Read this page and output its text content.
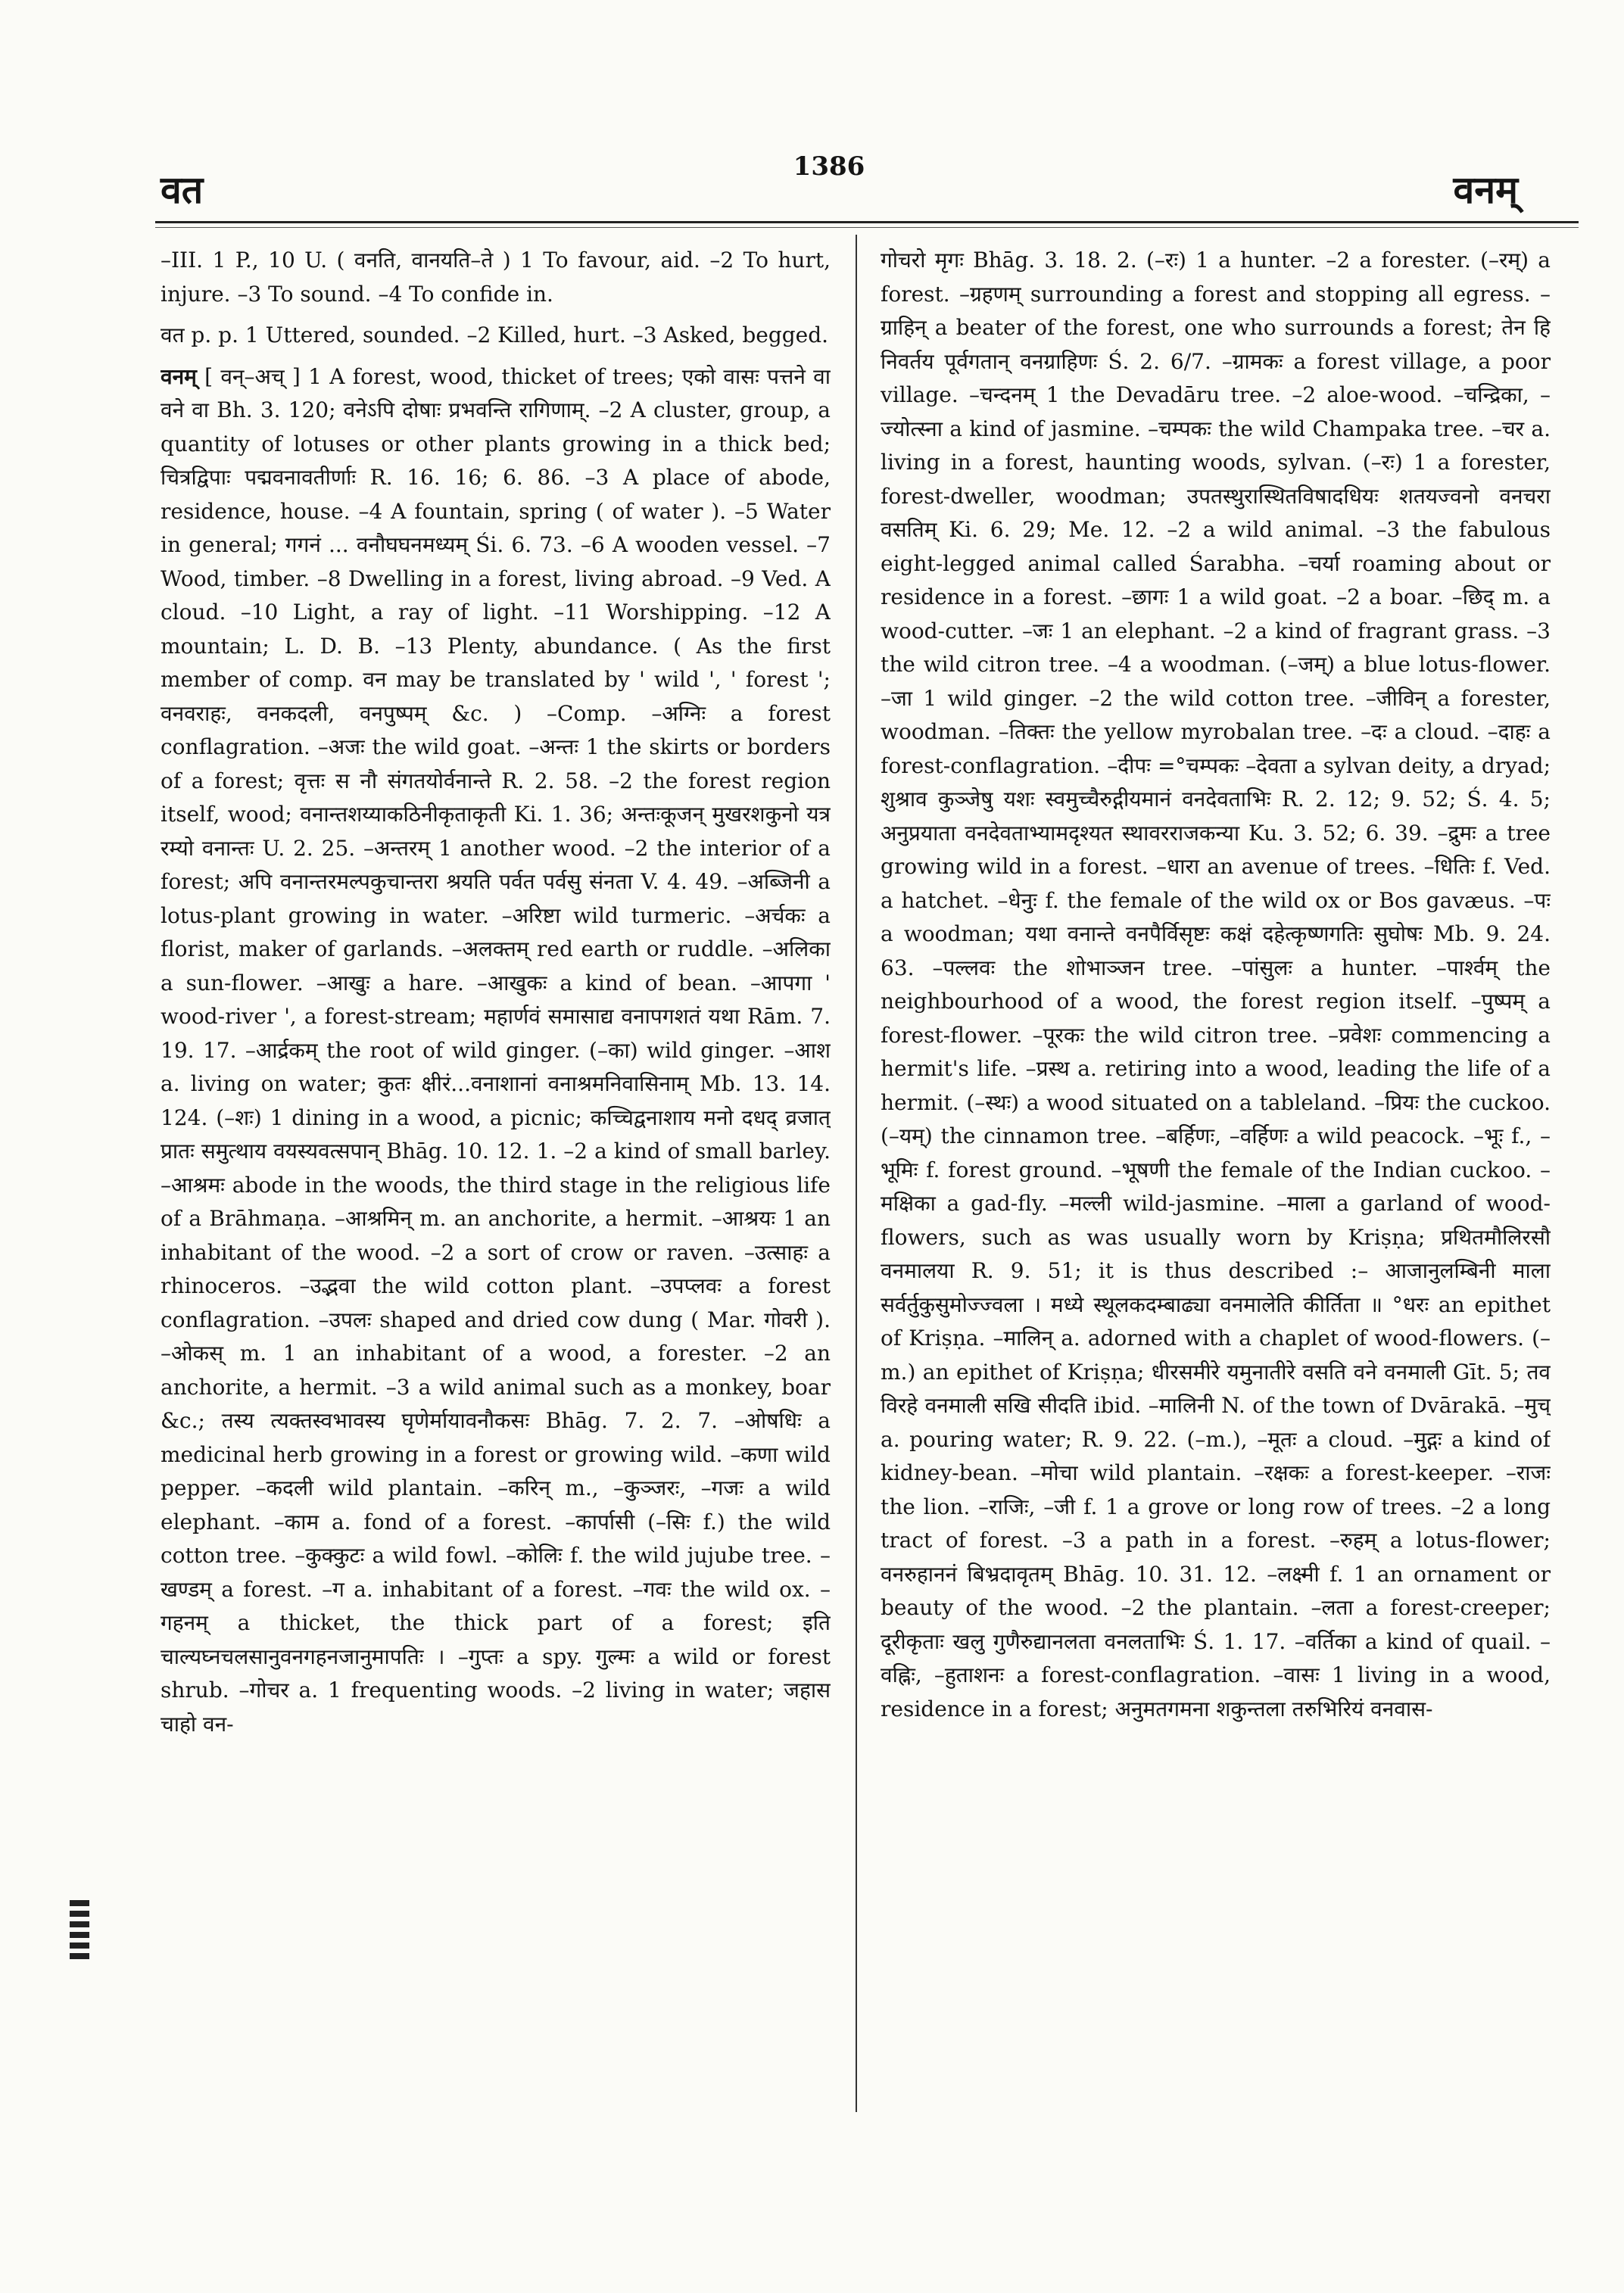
वत
1386
वनम्

–III. 1 P., 10 U. ( वनति, वानयति–ते ) 1 To favour, aid. –2 To hurt, injure. –3 To sound. –4 To confide in.

वत p. p. 1 Uttered, sounded. –2 Killed, hurt. –3 Asked, begged.

वनम् [ वन्–अच् ] 1 A forest, wood, thicket of trees; एको वासः पत्तने वा वने वा Bh. 3. 120; वनेऽपि दोषाः प्रभवन्ति रागिणाम्. –2 A cluster, group, a quantity of lotuses or other plants growing in a thick bed; चित्रद्विपाः पद्मवनावतीर्णाः R. 16. 16; 6. 86. –3 A place of abode, residence, house. –4 A fountain, spring ( of water ). –5 Water in general; गगनं ... वनौघघनमध्यम् Śi. 6. 73. –6 A wooden vessel. –7 Wood, timber. –8 Dwelling in a forest, living abroad. –9 Ved. A cloud. –10 Light, a ray of light. –11 Worshipping. –12 A mountain; L. D. B. –13 Plenty, abundance. ( As the first member of comp. वन may be translated by ' wild ', ' forest '; वनवराहः, वनकदली, वनपुष्पम् &c. ) –Comp. –अग्निः a forest conflagration. –अजः the wild goat. –अन्तः 1 the skirts or borders of a forest; वृत्तः स नौ संगतयोर्वनान्ते R. 2. 58. –2 the forest region itself, wood; वनान्तशय्याकठिनीकृताकृती Ki. 1. 36; अन्तःकूजन् मुखरशकुनो यत्र रम्यो वनान्तः U. 2. 25. –अन्तरम् 1 another wood. –2 the interior of a forest; अपि वनान्तरमल्पकुचान्तरा श्रयति पर्वत पर्वसु संनता V. 4. 49. –अब्जिनी a lotus-plant growing in water. –अरिष्टा wild turmeric. –अर्चकः a florist, maker of garlands. –अलक्तम् red earth or ruddle. –अलिका a sun-flower. –आखुः a hare. –आखुकः a kind of bean. –आपगा ' wood-river ', a forest-stream; महार्णवं समासाद्य वनापगशतं यथा Rām. 7. 19. 17. –आर्द्रकम् the root of wild ginger. (–का) wild ginger. –आश a. living on water; कुतः क्षीरं...वनाशानां वनाश्रमनिवासिनाम् Mb. 13. 14. 124. (–शः) 1 dining in a wood, a picnic; कच्चिद्वनाशाय मनो दधद् व्रजात् प्रातः समुत्थाय वयस्यवत्सपान् Bhāg. 10. 12. 1. –2 a kind of small barley. –आश्रमः abode in the woods, the third stage in the religious life of a Brāhmaṇa. –आश्रमिन् m. an anchorite, a hermit. –आश्रयः 1 an inhabitant of the wood. –2 a sort of crow or raven. –उत्साहः a rhinoceros. –उद्भवा the wild cotton plant. –उपप्लवः a forest conflagration. –उपलः shaped and dried cow dung ( Mar. गोवरी ). –ओकस् m. 1 an inhabitant of a wood, a forester. –2 an anchorite, a hermit. –3 a wild animal such as a monkey, boar &c.; तस्य त्यक्तस्वभावस्य घृणेर्मायावनौकसः Bhāg. 7. 2. 7. –ओषधिः a medicinal herb growing in a forest or growing wild. –कणा wild pepper. –कदली wild plantain. –करिन् m., –कुञ्जरः, –गजः a wild elephant. –काम a. fond of a forest. –कार्पासी (–सिः f.) the wild cotton tree. –कुक्कुटः a wild fowl. –कोलिः f. the wild jujube tree. –खण्डम् a forest. –ग a. inhabitant of a forest. –गवः the wild ox. –गहनम् a thicket, the thick part of a forest; इति चाल्यघ्नचलसानुवनगहनजानुमापतिः । –गुप्तः a spy. गुल्मः a wild or forest shrub. –गोचर a. 1 frequenting woods. –2 living in water; जहास चाहो वन-

गोचरो मृगः Bhāg. 3. 18. 2. (–रः) 1 a hunter. –2 a forester. (–रम्) a forest. –ग्रहणम् surrounding a forest and stopping all egress. –ग्राहिन् a beater of the forest, one who surrounds a forest; तेन हि निवर्तय पूर्वगतान् वनग्राहिणः Ś. 2. 6/7. –ग्रामकः a forest village, a poor village. –चन्दनम् 1 the Devadāru tree. –2 aloe-wood. –चन्द्रिका, –ज्योत्स्ना a kind of jasmine. –चम्पकः the wild Champaka tree. –चर a. living in a forest, haunting woods, sylvan. (–रः) 1 a forester, forest-dweller, woodman; उपतस्थुरास्थितविषादधियः शतयज्वनो वनचरा वसतिम् Ki. 6. 29; Me. 12. –2 a wild animal. –3 the fabulous eight-legged animal called Śarabha. –चर्या roaming about or residence in a forest. –छागः 1 a wild goat. –2 a boar. –छिद् m. a wood-cutter. –जः 1 an elephant. –2 a kind of fragrant grass. –3 the wild citron tree. –4 a woodman. (–जम्) a blue lotus-flower. –जा 1 wild ginger. –2 the wild cotton tree. –जीविन् a forester, woodman. –तिक्तः the yellow myrobalan tree. –दः a cloud. –दाहः a forest-conflagration. –दीपः =°चम्पकः –देवता a sylvan deity, a dryad; शुश्राव कुञ्जेषु यशः स्वमुच्चैरुद्गीयमानं वनदेवताभिः R. 2. 12; 9. 52; Ś. 4. 5; अनुप्रयाता वनदेवताभ्यामदृश्यत स्थावरराजकन्या Ku. 3. 52; 6. 39. –द्रुमः a tree growing wild in a forest. –धारा an avenue of trees. –धितिः f. Ved. a hatchet. –धेनुः f. the female of the wild ox or Bos gavæus. –पः a woodman; यथा वनान्ते वनपैर्विसृष्टः कक्षं दहेत्कृष्णगतिः सुघोषः Mb. 9. 24. 63. –पल्लवः the शोभाञ्जन tree. –पांसुलः a hunter. –पार्श्वम् the neighbourhood of a wood, the forest region itself. –पुष्पम् a forest-flower. –पूरकः the wild citron tree. –प्रवेशः commencing a hermit's life. –प्रस्थ a. retiring into a wood, leading the life of a hermit. (–स्थः) a wood situated on a tableland. –प्रियः the cuckoo. (–यम्) the cinnamon tree. –बर्हिणः, –वर्हिणः a wild peacock. –भूः f., –भूमिः f. forest ground. –भूषणी the female of the Indian cuckoo. –मक्षिका a gad-fly. –मल्ली wild-jasmine. –माला a garland of wood-flowers, such as was usually worn by Kriṣṇa; प्रथितमौलिरसौ वनमालया R. 9. 51; it is thus described :– आजानुलम्बिनी माला सर्वर्तुकुसुमोज्ज्वला । मध्ये स्थूलकदम्बाढ्या वनमालेति कीर्तिता ॥ °धरः an epithet of Kriṣṇa. –मालिन् a. adorned with a chaplet of wood-flowers. (–m.) an epithet of Kriṣṇa; धीरसमीरे यमुनातीरे वसति वने वनमाली Gīt. 5; तव विरहे वनमाली सखि सीदति ibid. –मालिनी N. of the town of Dvārakā. –मुच् a. pouring water; R. 9. 22. (–m.), –मूतः a cloud. –मुद्गः a kind of kidney-bean. –मोचा wild plantain. –रक्षकः a forest-keeper. –राजः the lion. –राजिः, –जी f. 1 a grove or long row of trees. –2 a long tract of forest. –3 a path in a forest. –रुहम् a lotus-flower; वनरुहाननं बिभ्रदावृतम् Bhāg. 10. 31. 12. –लक्ष्मी f. 1 an ornament or beauty of the wood. –2 the plantain. –लता a forest-creeper; दूरीकृताः खलु गुणैरुद्यानलता वनलताभिः Ś. 1. 17. –वर्तिका a kind of quail. –वह्निः, –हुताशनः a forest-conflagration. –वासः 1 living in a wood, residence in a forest; अनुमतगमना शकुन्तला तरुभिरियं वनवास-
